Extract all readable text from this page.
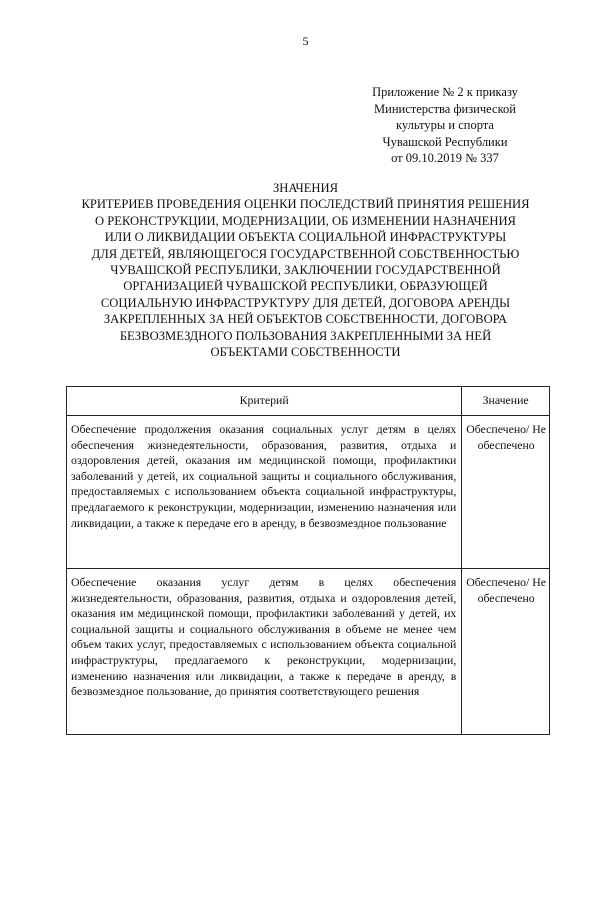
5
Приложение № 2 к приказу
Министерства физической
культуры и спорта
Чувашской Республики
от 09.10.2019 № 337
ЗНАЧЕНИЯ
КРИТЕРИЕВ ПРОВЕДЕНИЯ ОЦЕНКИ ПОСЛЕДСТВИЙ ПРИНЯТИЯ РЕШЕНИЯ
О РЕКОНСТРУКЦИИ, МОДЕРНИЗАЦИИ, ОБ ИЗМЕНЕНИИ НАЗНАЧЕНИЯ
ИЛИ О ЛИКВИДАЦИИ ОБЪЕКТА СОЦИАЛЬНОЙ ИНФРАСТРУКТУРЫ
ДЛЯ ДЕТЕЙ, ЯВЛЯЮЩЕГОСЯ ГОСУДАРСТВЕННОЙ СОБСТВЕННОСТЬЮ
ЧУВАШСКОЙ РЕСПУБЛИКИ, ЗАКЛЮЧЕНИИ ГОСУДАРСТВЕННОЙ
ОРГАНИЗАЦИЕЙ ЧУВАШСКОЙ РЕСПУБЛИКИ, ОБРАЗУЮЩЕЙ
СОЦИАЛЬНУЮ ИНФРАСТРУКТУРУ ДЛЯ ДЕТЕЙ, ДОГОВОРА АРЕНДЫ
ЗАКРЕПЛЕННЫХ ЗА НЕЙ ОБЪЕКТОВ СОБСТВЕННОСТИ, ДОГОВОРА
БЕЗВОЗМЕЗДНОГО ПОЛЬЗОВАНИЯ ЗАКРЕПЛЕННЫМИ ЗА НЕЙ
ОБЪЕКТАМИ СОБСТВЕННОСТИ
Критерий	Значение
Обеспечение продолжения оказания социальных услуг детям в целях обеспечения жизнедеятельности, образования, развития, отдыха и оздоровления детей, оказания им медицинской помощи, профилактики заболеваний у детей, их социальной защиты и социального обслуживания, предоставляемых с использованием объекта социальной инфраструктуры, предлагаемого к реконструкции, модернизации, изменению назначения или ликвидации, а также к передаче его в аренду, в безвозмездное пользование	Обеспечено/ Не обеспечено
Обеспечение оказания услуг детям в целях обеспечения жизнедеятельности, образования, развития, отдыха и оздоровления детей, оказания им медицинской помощи, профилактики заболеваний у детей, их социальной защиты и социального обслуживания в объеме не менее чем объем таких услуг, предоставляемых с использованием объекта социальной инфраструктуры, предлагаемого к реконструкции, модернизации, изменению назначения или ликвидации, а также к передаче в аренду, в безвозмездное пользование, до принятия соответствующего решения	Обеспечено/ Не обеспечено
